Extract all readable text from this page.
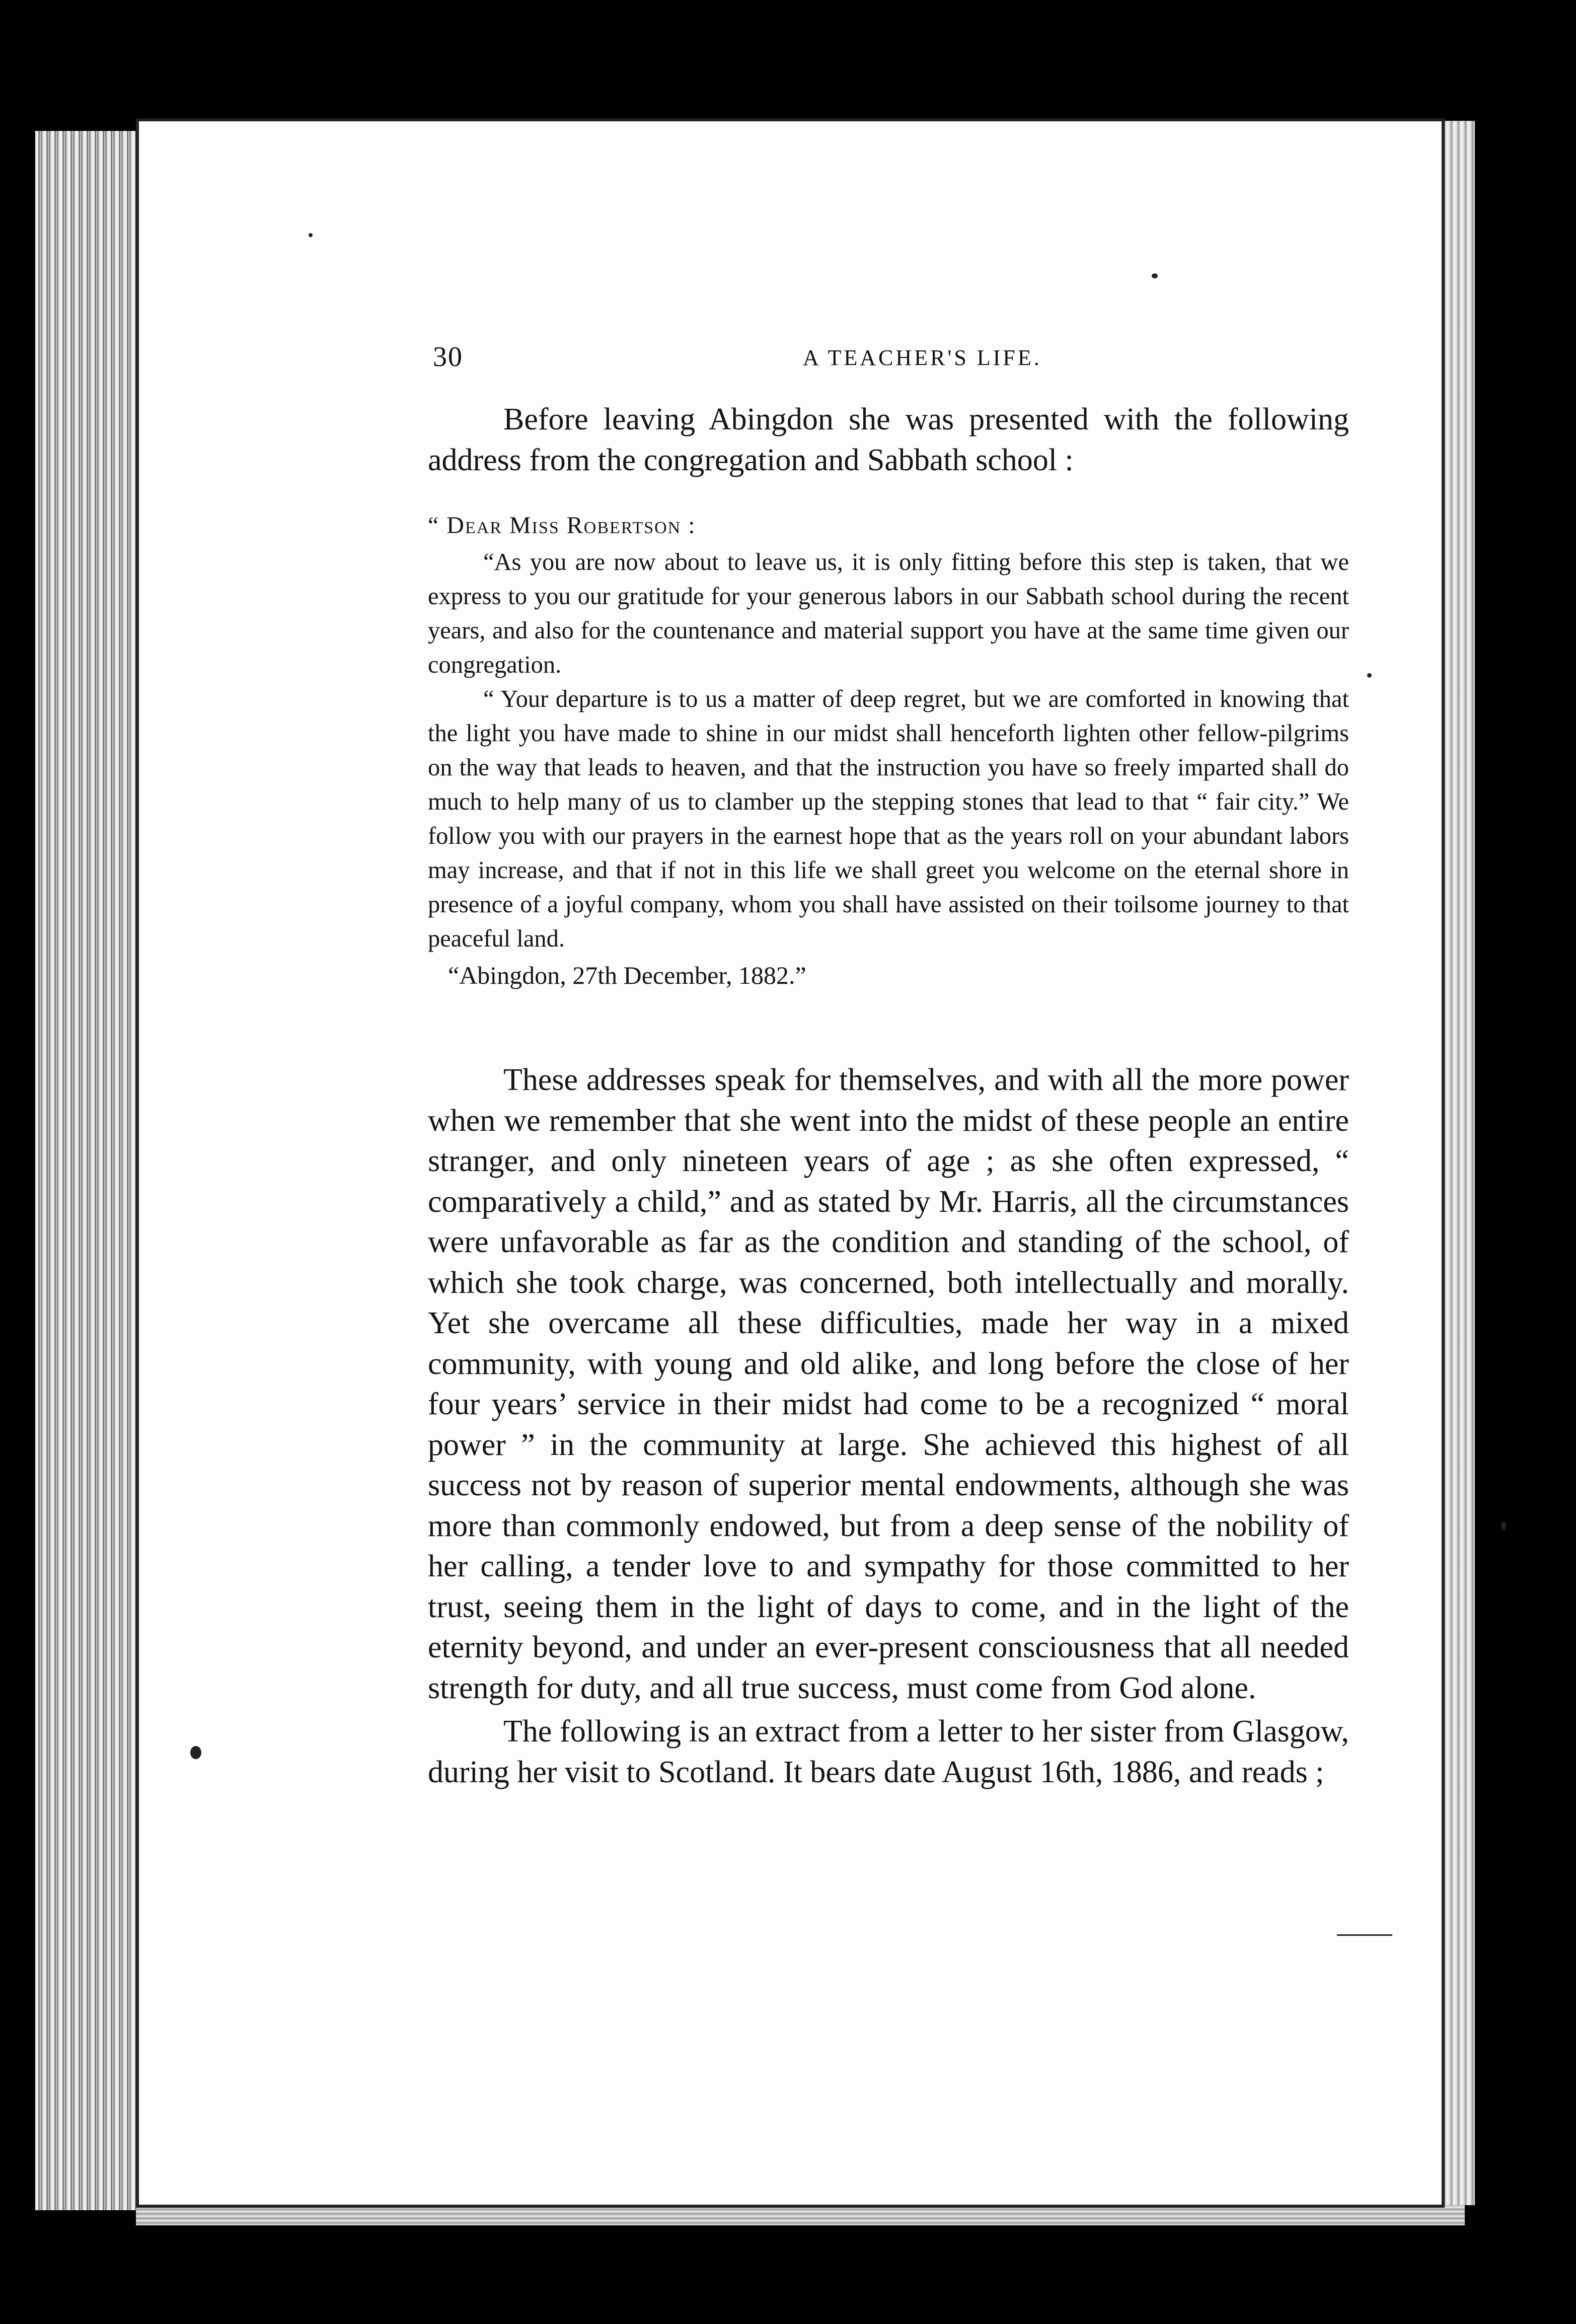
30	A TEACHER'S LIFE.

Before leaving Abingdon she was presented with the following address from the congregation and Sabbath school :

“ Dear Miss Robertson :

“As you are now about to leave us, it is only fitting before this step is taken, that we express to you our gratitude for your generous labors in our Sabbath school during the recent years, and also for the countenance and material support you have at the same time given our congregation.

“ Your departure is to us a matter of deep regret, but we are comforted in knowing that the light you have made to shine in our midst shall henceforth lighten other fellow-pilgrims on the way that leads to heaven, and that the instruction you have so freely imparted shall do much to help many of us to clamber up the stepping stones that lead to that “ fair city.” We follow you with our prayers in the earnest hope that as the years roll on your abundant labors may increase, and that if not in this life we shall greet you welcome on the eternal shore in presence of a joyful company, whom you shall have assisted on their toilsome journey to that peaceful land.

“Abingdon, 27th December, 1882.”

These addresses speak for themselves, and with all the more power when we remember that she went into the midst of these people an entire stranger, and only nineteen years of age ; as she often expressed, “ comparatively a child,” and as stated by Mr. Harris, all the circumstances were unfavorable as far as the condition and standing of the school, of which she took charge, was concerned, both intellectually and morally. Yet she overcame all these difficulties, made her way in a mixed community, with young and old alike, and long before the close of her four years’ service in their midst had come to be a recognized “ moral power ” in the community at large. She achieved this highest of all success not by reason of superior mental endowments, although she was more than commonly endowed, but from a deep sense of the nobility of her calling, a tender love to and sympathy for those committed to her trust, seeing them in the light of days to come, and in the light of the eternity beyond, and under an ever-present consciousness that all needed strength for duty, and all true success, must come from God alone.

The following is an extract from a letter to her sister from Glasgow, during her visit to Scotland. It bears date August 16th, 1886, and reads ;
